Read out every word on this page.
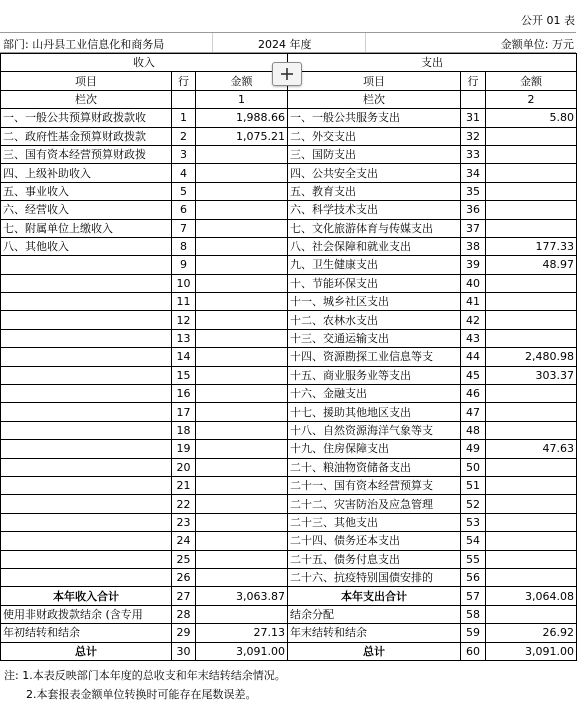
公开 01 表
部门: 山丹县工业信息化和商务局	2024 年度	金额单位: 万元
收入			支出		
项目	行	金额	项目	行	金额
栏次		1	栏次		2
一、一般公共预算财政拨款收	1	1,988.66	一、一般公共服务支出	31	5.80
二、政府性基金预算财政拨款	2	1,075.21	二、外交支出	32	
三、国有资本经营预算财政拨	3		三、国防支出	33	
四、上级补助收入	4		四、公共安全支出	34	
五、事业收入	5		五、教育支出	35	
六、经营收入	6		六、科学技术支出	36	
七、附属单位上缴收入	7		七、文化旅游体育与传媒支出	37	
八、其他收入	8		八、社会保障和就业支出	38	177.33
	9		九、卫生健康支出	39	48.97
	10		十、节能环保支出	40	
	11		十一、城乡社区支出	41	
	12		十二、农林水支出	42	
	13		十三、交通运输支出	43	
	14		十四、资源勘探工业信息等支	44	2,480.98
	15		十五、商业服务业等支出	45	303.37
	16		十六、金融支出	46	
	17		十七、援助其他地区支出	47	
	18		十八、自然资源海洋气象等支	48	
	19		十九、住房保障支出	49	47.63
	20		二十、粮油物资储备支出	50	
	21		二十一、国有资本经营预算支	51	
	22		二十二、灾害防治及应急管理	52	
	23		二十三、其他支出	53	
	24		二十四、债务还本支出	54	
	25		二十五、债务付息支出	55	
	26		二十六、抗疫特别国债安排的	56	
本年收入合计	27	3,063.87	本年支出合计	57	3,064.08
使用非财政拨款结余 (含专用	28		结余分配	58	
年初结转和结余	29	27.13	年末结转和结余	59	26.92
总计	30	3,091.00	总计	60	3,091.00
注: 1.本表反映部门本年度的总收支和年末结转结余情况。
2.本套报表金额单位转换时可能存在尾数误差。
